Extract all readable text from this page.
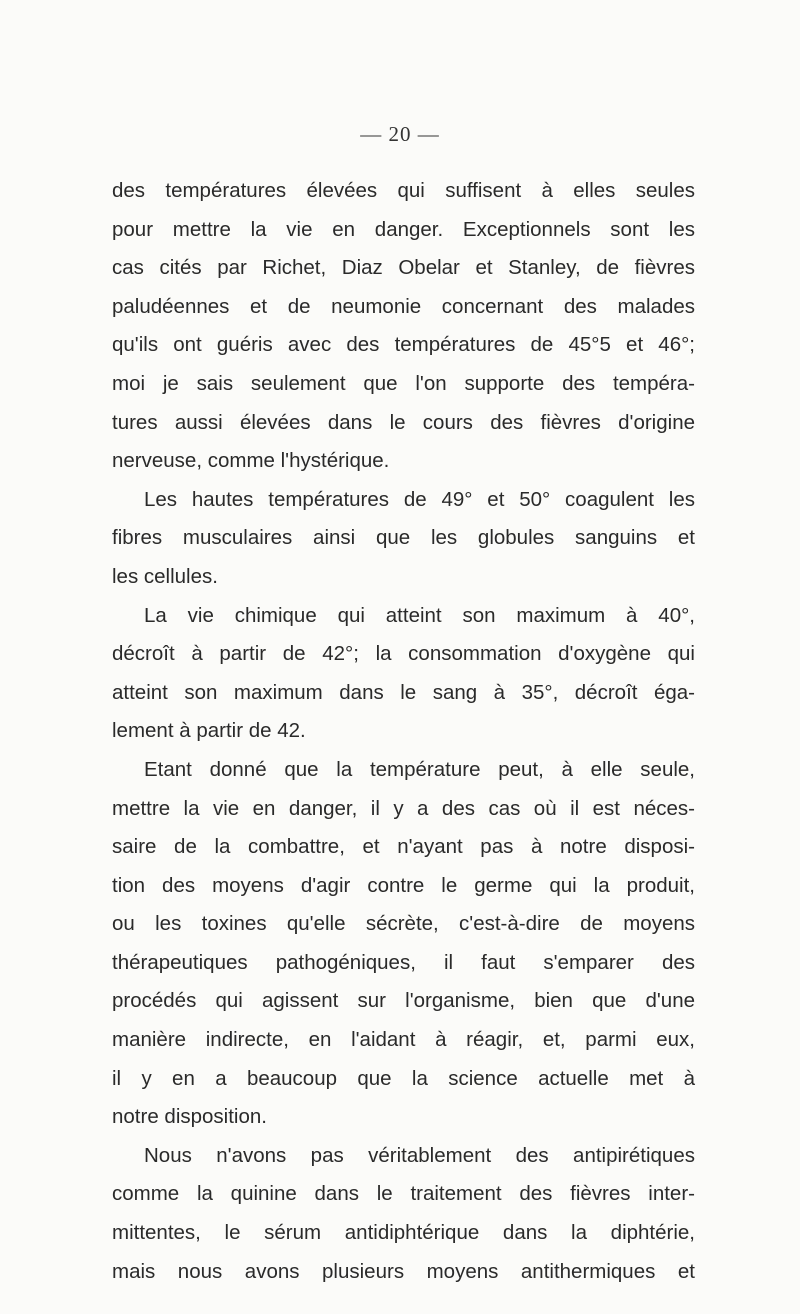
— 20 —
des températures élevées qui suffisent à elles seules
pour mettre la vie en danger. Exceptionnels sont les
cas cités par Richet, Diaz Obelar et Stanley, de fièvres
paludéennes et de neumonie concernant des malades
qu'ils ont guéris avec des températures de 45°5 et 46°;
moi je sais seulement que l'on supporte des tempéra-
tures aussi élevées dans le cours des fièvres d'origine
nerveuse, comme l'hystérique.
Les hautes températures de 49° et 50° coagulent les
fibres musculaires ainsi que les globules sanguins et
les cellules.
La vie chimique qui atteint son maximum à 40°,
décroît à partir de 42°; la consommation d'oxygène qui
atteint son maximum dans le sang à 35°, décroît éga-
lement à partir de 42.
Etant donné que la température peut, à elle seule,
mettre la vie en danger, il y a des cas où il est néces-
saire de la combattre, et n'ayant pas à notre disposi-
tion des moyens d'agir contre le germe qui la produit,
ou les toxines qu'elle sécrète, c'est-à-dire de moyens
thérapeutiques pathogéniques, il faut s'emparer des
procédés qui agissent sur l'organisme, bien que d'une
manière indirecte, en l'aidant à réagir, et, parmi eux,
il y en a beaucoup que la science actuelle met à
notre disposition.
Nous n'avons pas véritablement des antipirétiques
comme la quinine dans le traitement des fièvres inter-
mittentes, le sérum antidiphtérique dans la diphtérie,
mais nous avons plusieurs moyens antithermiques et
